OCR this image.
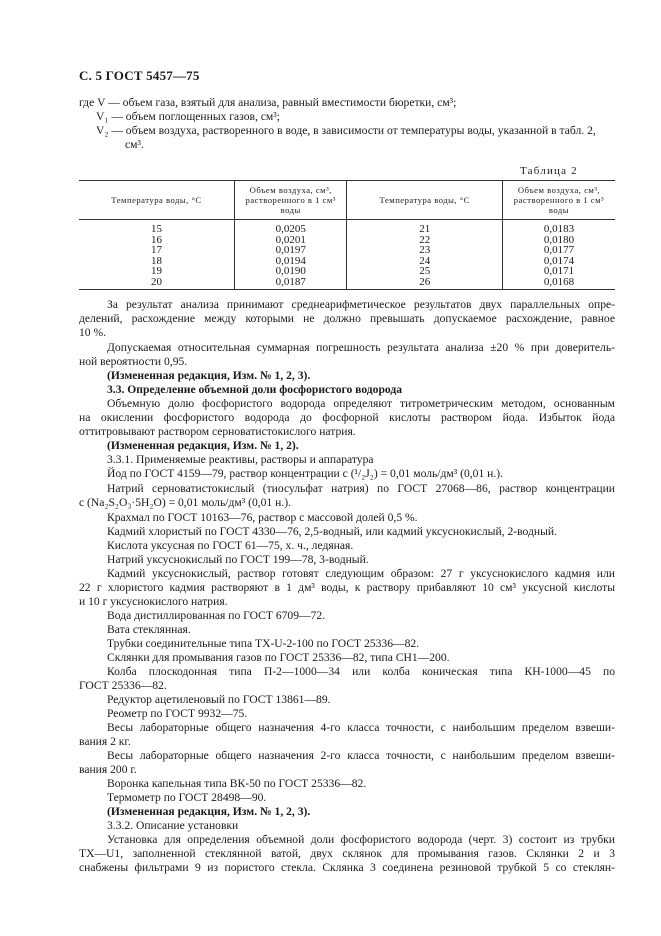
С. 5 ГОСТ 5457—75
где V — объем газа, взятый для анализа, равный вместимости бюретки, см³;
V₁ — объем поглощенных газов, см³;
V₂ — объем воздуха, растворенного в воде, в зависимости от температуры воды, указанной в табл. 2,
см³.
Таблица 2
Температура воды, °С	Объем воздуха, см³, растворенного в 1 см³ воды	Температура воды, °С	Объем воздуха, см³, растворенного в 1 см³ воды
15	0,0205	21	0,0183
16	0,0201	22	0,0180
17	0,0197	23	0,0177
18	0,0194	24	0,0174
19	0,0190	25	0,0171
20	0,0187	26	0,0168
За результат анализа принимают среднеарифметическое результатов двух параллельных опре-
делений, расхождение между которыми не должно превышать допускаемое расхождение, равное
10 %.
Допускаемая относительная суммарная погрешность результата анализа ±20 % при доверитель-
ной вероятности 0,95.
(Измененная редакция, Изм. № 1, 2, 3).
3.3. Определение объемной доли фосфористого водорода
Объемную долю фосфористого водорода определяют титрометрическим методом, основанным
на окислении фосфористого водорода до фосфорной кислоты раствором йода. Избыток йода
оттитровывают раствором серноватистокислого натрия.
(Измененная редакция, Изм. № 1, 2).
3.3.1. Применяемые реактивы, растворы и аппаратура
Йод по ГОСТ 4159—79, раствор концентрации с (¹/₂J₂) = 0,01 моль/дм³ (0,01 н.).
Натрий серноватистокислый (тиосульфат натрия) по ГОСТ 27068—86, раствор концентрации
с (Na₂S₂O₃·5H₂O) = 0,01 моль/дм³ (0,01 н.).
Крахмал по ГОСТ 10163—76, раствор с массовой долей 0,5 %.
Кадмий хлористый по ГОСТ 4330—76, 2,5-водный, или кадмий уксуснокислый, 2-водный.
Кислота уксусная по ГОСТ 61—75, х. ч., ледяная.
Натрий уксуснокислый по ГОСТ 199—78, 3-водный.
Кадмий уксуснокислый, раствор готовят следующим образом: 27 г уксуснокислого кадмия или
22 г хлористого кадмия растворяют в 1 дм³ воды, к раствору прибавляют 10 см³ уксусной кислоты
и 10 г уксуснокислого натрия.
Вода дистиллированная по ГОСТ 6709—72.
Вата стеклянная.
Трубки соединительные типа ТХ-U-2-100 по ГОСТ 25336—82.
Склянки для промывания газов по ГОСТ 25336—82, типа СН1—200.
Колба плоскодонная типа П-2—1000—34 или колба коническая типа КН-1000—45 по
ГОСТ 25336—82.
Редуктор ацетиленовый по ГОСТ 13861—89.
Реометр по ГОСТ 9932—75.
Весы лабораторные общего назначения 4-го класса точности, с наибольшим пределом взвеши-
вания 2 кг.
Весы лабораторные общего назначения 2-го класса точности, с наибольшим пределом взвеши-
вания 200 г.
Воронка капельная типа ВК-50 по ГОСТ 25336—82.
Термометр по ГОСТ 28498—90.
(Измененная редакция, Изм. № 1, 2, 3).
3.3.2. Описание установки
Установка для определения объемной доли фосфористого водорода (черт. 3) состоит из трубки
ТХ—U1, заполненной стеклянной ватой, двух склянок для промывания газов. Склянки 2 и 3
снабжены фильтрами 9 из пористого стекла. Склянка 3 соединена резиновой трубкой 5 со стеклян-
